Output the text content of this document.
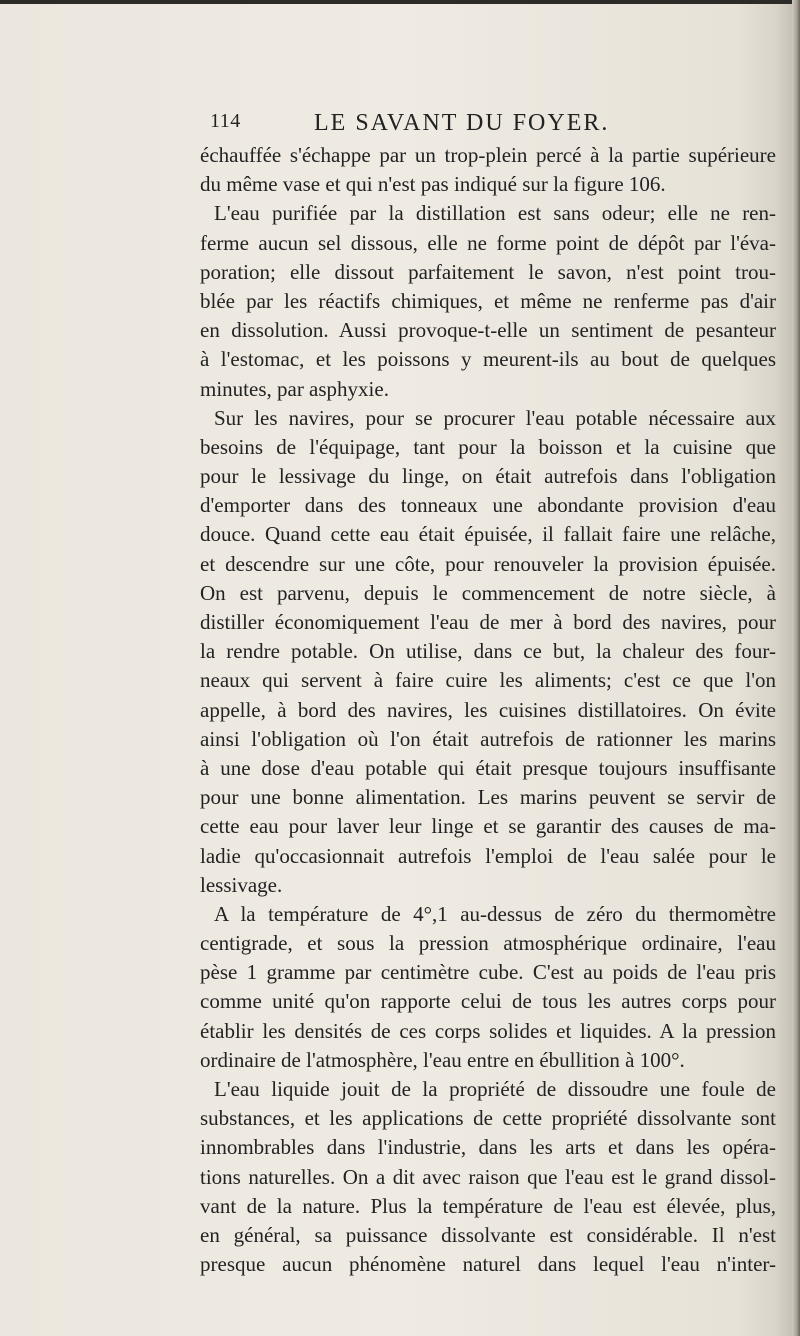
114	LE SAVANT DU FOYER.
échauffée s'échappe par un trop-plein percé à la partie supérieure
du même vase et qui n'est pas indiqué sur la figure 106.
L'eau purifiée par la distillation est sans odeur; elle ne ren-
ferme aucun sel dissous, elle ne forme point de dépôt par l'éva-
poration; elle dissout parfaitement le savon, n'est point trou-
blée par les réactifs chimiques, et même ne renferme pas d'air
en dissolution. Aussi provoque-t-elle un sentiment de pesanteur
à l'estomac, et les poissons y meurent-ils au bout de quelques
minutes, par asphyxie.
Sur les navires, pour se procurer l'eau potable nécessaire aux
besoins de l'équipage, tant pour la boisson et la cuisine que
pour le lessivage du linge, on était autrefois dans l'obligation
d'emporter dans des tonneaux une abondante provision d'eau
douce. Quand cette eau était épuisée, il fallait faire une relâche,
et descendre sur une côte, pour renouveler la provision épuisée.
On est parvenu, depuis le commencement de notre siècle, à
distiller économiquement l'eau de mer à bord des navires, pour
la rendre potable. On utilise, dans ce but, la chaleur des four-
neaux qui servent à faire cuire les aliments; c'est ce que l'on
appelle, à bord des navires, les cuisines distillatoires. On évite
ainsi l'obligation où l'on était autrefois de rationner les marins
à une dose d'eau potable qui était presque toujours insuffisante
pour une bonne alimentation. Les marins peuvent se servir de
cette eau pour laver leur linge et se garantir des causes de ma-
ladie qu'occasionnait autrefois l'emploi de l'eau salée pour le
lessivage.
A la température de 4°,1 au-dessus de zéro du thermomètre
centigrade, et sous la pression atmosphérique ordinaire, l'eau
pèse 1 gramme par centimètre cube. C'est au poids de l'eau pris
comme unité qu'on rapporte celui de tous les autres corps pour
établir les densités de ces corps solides et liquides. A la pression
ordinaire de l'atmosphère, l'eau entre en ébullition à 100°.
L'eau liquide jouit de la propriété de dissoudre une foule de
substances, et les applications de cette propriété dissolvante sont
innombrables dans l'industrie, dans les arts et dans les opéra-
tions naturelles. On a dit avec raison que l'eau est le grand dissol-
vant de la nature. Plus la température de l'eau est élevée, plus,
en général, sa puissance dissolvante est considérable. Il n'est
presque aucun phénomène naturel dans lequel l'eau n'inter-
